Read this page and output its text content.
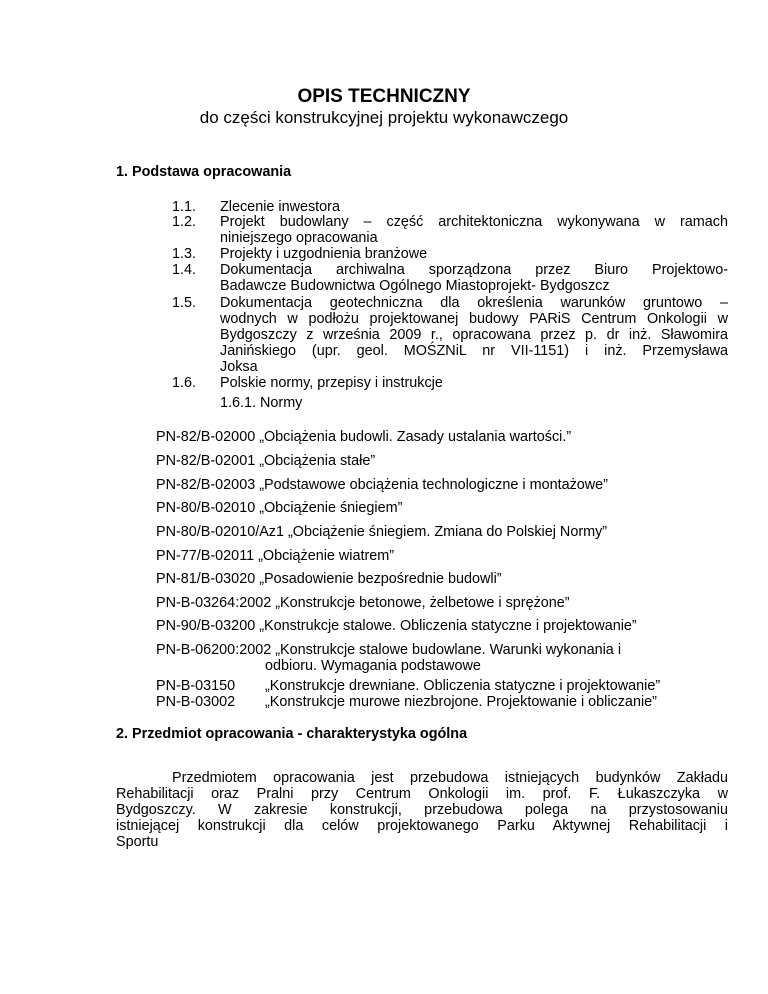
OPIS TECHNICZNY
do części konstrukcyjnej projektu wykonawczego
1. Podstawa opracowania
1.1. Zlecenie inwestora
1.2. Projekt budowlany – część architektoniczna wykonywana w ramach
niniejszego opracowania
1.3. Projekty i uzgodnienia branżowe
1.4. Dokumentacja archiwalna sporządzona przez Biuro Projektowo-
Badawcze Budownictwa Ogólnego Miastoprojekt- Bydgoszcz
1.5. Dokumentacja geotechniczna dla określenia warunków gruntowo –
wodnych w podłożu projektowanej budowy PARiS Centrum Onkologii w
Bydgoszczy z września 2009 r., opracowana przez p. dr inż. Sławomira
Janińskiego (upr. geol. MOŚZNiL nr VII-1151) i inż. Przemysława
Joksa
1.6. Polskie normy, przepisy i instrukcje
1.6.1. Normy
PN-82/B-02000 „Obciążenia budowli. Zasady ustalania wartości.”
PN-82/B-02001 „Obciążenia stałe”
PN-82/B-02003 „Podstawowe obciążenia technologiczne i montażowe”
PN-80/B-02010 „Obciążenie śniegiem”
PN-80/B-02010/Az1 „Obciążenie śniegiem. Zmiana do Polskiej Normy”
PN-77/B-02011 „Obciążenie wiatrem”
PN-81/B-03020 „Posadowienie bezpośrednie budowli”
PN-B-03264:2002 „Konstrukcje betonowe, żelbetowe i sprężone”
PN-90/B-03200 „Konstrukcje stalowe. Obliczenia statyczne i projektowanie”
PN-B-06200:2002 „Konstrukcje stalowe budowlane. Warunki wykonania i
odbioru. Wymagania podstawowe
PN-B-03150 „Konstrukcje drewniane. Obliczenia statyczne i projektowanie”
PN-B-03002 „Konstrukcje murowe niezbrojone. Projektowanie i obliczanie”
2. Przedmiot opracowania - charakterystyka ogólna
Przedmiotem opracowania jest przebudowa istniejących budynków Zakładu
Rehabilitacji oraz Pralni przy Centrum Onkologii im. prof. F. Łukaszczyka w
Bydgoszczy. W zakresie konstrukcji, przebudowa polega na przystosowaniu
istniejącej konstrukcji dla celów projektowanego Parku Aktywnej Rehabilitacji i
Sportu
